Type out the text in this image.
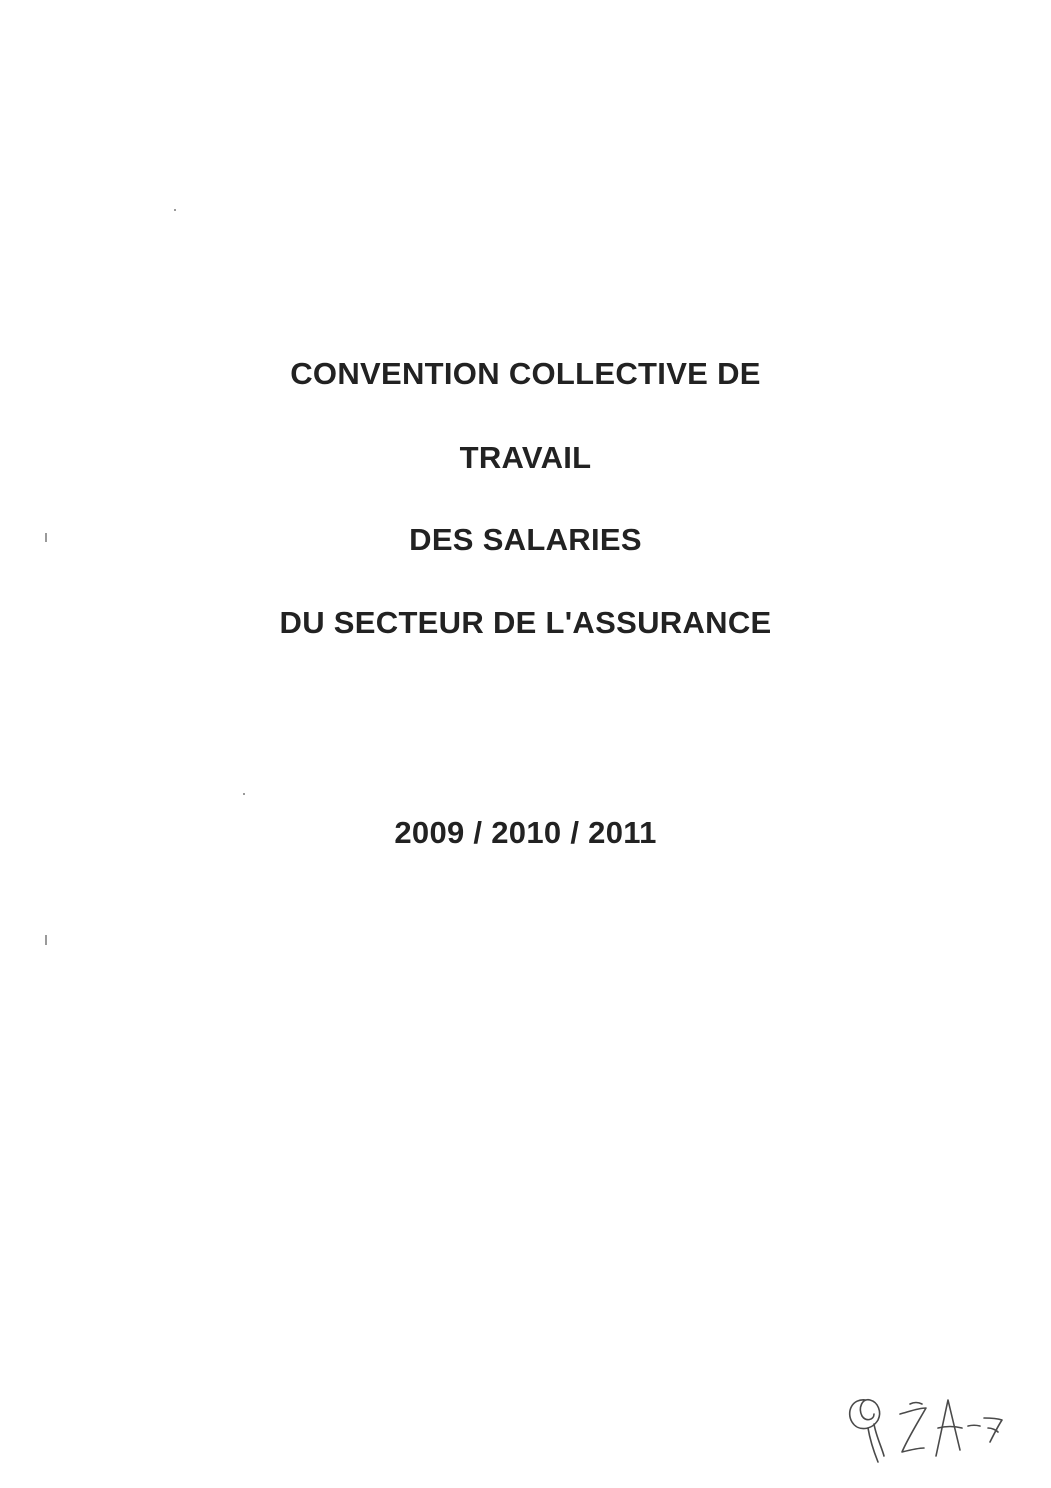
CONVENTION COLLECTIVE DE
TRAVAIL
DES SALARIES
DU SECTEUR DE L'ASSURANCE
2009 / 2010 / 2011
